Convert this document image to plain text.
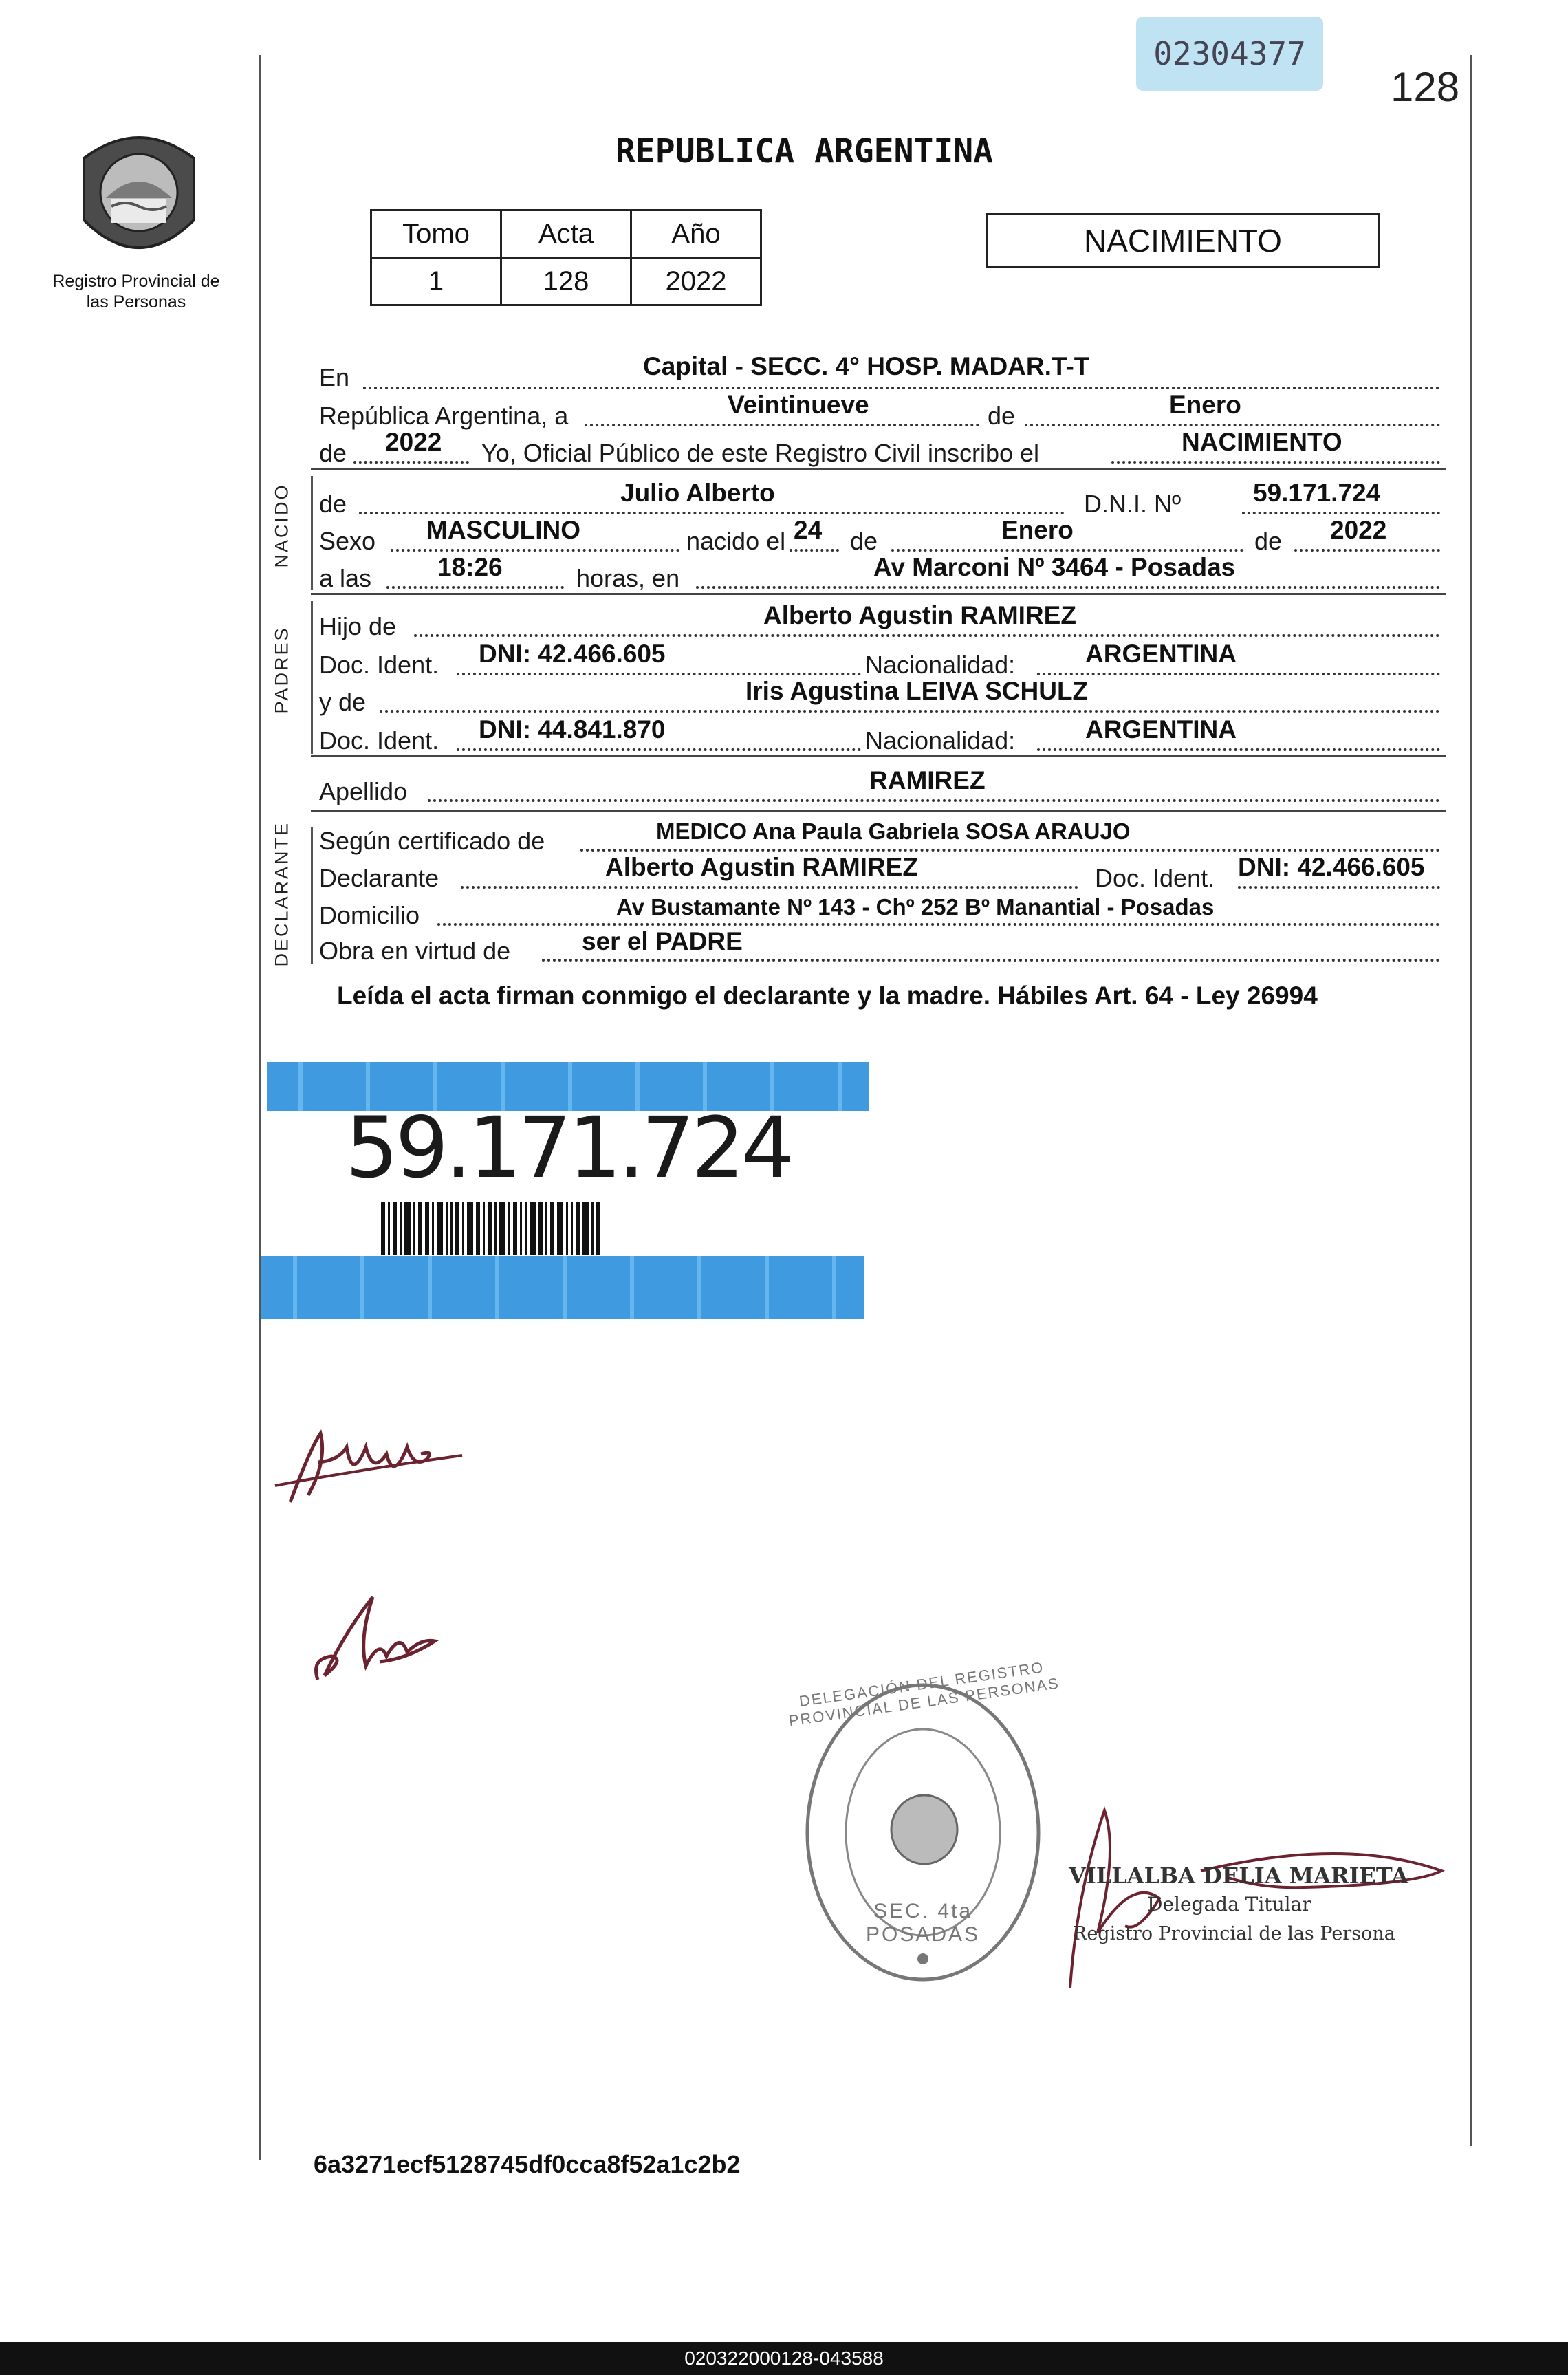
02304377
128
Registro Provincial de las Personas
REPUBLICA ARGENTINA
Tomo	Acta	Año
1	128	2022
NACIMIENTO
En	Capital - SECC. 4° HOSP. MADAR.T-T
República Argentina, a	Veintinueve	de	Enero
de 2022 Yo, Oficial Público de este Registro Civil inscribo el	NACIMIENTO
NACIDO de	Julio Alberto	D.N.I. Nº	59.171.724
Sexo MASCULINO	nacido el 24 de	Enero	de 2022
a las	18:26	horas, en	Av Marconi Nº 3464 - Posadas
PADRES Hijo de	Alberto Agustin RAMIREZ
Doc. Ident. DNI: 42.466.605	Nacionalidad:	ARGENTINA
y de	Iris Agustina LEIVA SCHULZ
Doc. Ident. DNI: 44.841.870	Nacionalidad:	ARGENTINA
Apellido	RAMIREZ
DECLARANTE Según certificado de	MEDICO Ana Paula Gabriela SOSA ARAUJO
Declarante	Alberto Agustin RAMIREZ	Doc. Ident. DNI: 42.466.605
Domicilio	Av Bustamante Nº 143 - Chº 252 Bº Manantial - Posadas
Obra en virtud de	ser el PADRE
Leída el acta firman conmigo el declarante y la madre. Hábiles Art. 64 - Ley 26994
59.171.724
DELEGACIÓN DEL REGISTRO PROVINCIAL DE LAS PERSONAS
SEC. 4ta POSADAS
VILLALBA DELIA MARIETA
Delegada Titular
Registro Provincial de las Persona
6a3271ecf5128745df0cca8f52a1c2b2
020322000128-043588
